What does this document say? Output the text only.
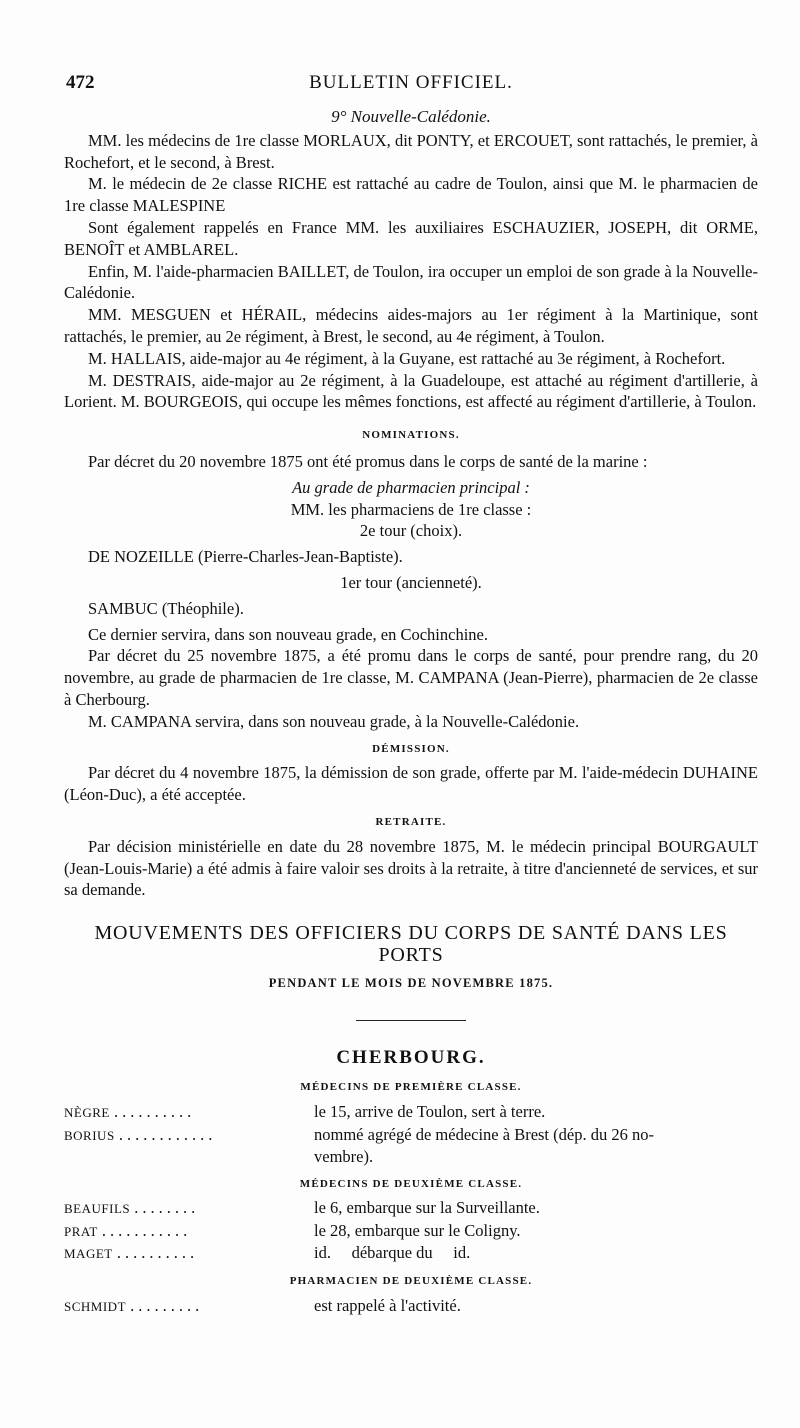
472	BULLETIN OFFICIEL.
9° Nouvelle-Calédonie.

MM. les médecins de 1re classe MORLAUX, dit PONTY, et ERCOUET, sont rattachés, le premier, à Rochefort, et le second, à Brest.

M. le médecin de 2e classe RICHE est rattaché au cadre de Toulon, ainsi que M. le pharmacien de 1re classe MALESPINE

Sont également rappelés en France MM. les auxiliaires ESCHAUZIER, JOSEPH, dit ORME, BENOÎT et AMBLAREL.

Enfin, M. l'aide-pharmacien BAILLET, de Toulon, ira occuper un emploi de son grade à la Nouvelle-Calédonie.

MM. MESGUEN et HÉRAIL, médecins aides-majors au 1er régiment à la Martinique, sont rattachés, le premier, au 2e régiment, à Brest, le second, au 4e régiment, à Toulon.

M. HALLAIS, aide-major au 4e régiment, à la Guyane, est rattaché au 3e régiment, à Rochefort.

M. DESTRAIS, aide-major au 2e régiment, à la Guadeloupe, est attaché au régiment d'artillerie, à Lorient. M. BOURGEOIS, qui occupe les mêmes fonctions, est affecté au régiment d'artillerie, à Toulon.

NOMINATIONS.

Par décret du 20 novembre 1875 ont été promus dans le corps de santé de la marine :

Au grade de pharmacien principal :
MM. les pharmaciens de 1re classe :
2e tour (choix).

DE NOZEILLE (Pierre-Charles-Jean-Baptiste).

1er tour (ancienneté).

SAMBUC (Théophile).

Ce dernier servira, dans son nouveau grade, en Cochinchine.

Par décret du 25 novembre 1875, a été promu dans le corps de santé, pour prendre rang, du 20 novembre, au grade de pharmacien de 1re classe, M. CAMPANA (Jean-Pierre), pharmacien de 2e classe à Cherbourg.

M. CAMPANA servira, dans son nouveau grade, à la Nouvelle-Calédonie.

DÉMISSION.

Par décret du 4 novembre 1875, la démission de son grade, offerte par M. l'aide-médecin DUHAINE (Léon-Duc), a été acceptée.

RETRAITE.

Par décision ministérielle en date du 28 novembre 1875, M. le médecin principal BOURGAULT (Jean-Louis-Marie) a été admis à faire valoir ses droits à la retraite, à titre d'ancienneté de services, et sur sa demande.

MOUVEMENTS DES OFFICIERS DU CORPS DE SANTÉ DANS LES PORTS
PENDANT LE MOIS DE NOVEMBRE 1875.
CHERBOURG.
MÉDECINS DE PREMIÈRE CLASSE.
NÈGRE ..........	le 15, arrive de Toulon, sert à terre.
BORIUS ............	nommé agrégé de médecine à Brest (dép. du 26 no-
vembre).
MÉDECINS DE DEUXIÈME CLASSE.
BEAUFILS ........	le 6, embarque sur la Surveillante.
PRAT ...........	le 28, embarque sur le Coligny.
MAGET ..........	id.     débarque du     id.
PHARMACIEN DE DEUXIÈME CLASSE.
SCHMIDT .........	est rappelé à l'activité.
